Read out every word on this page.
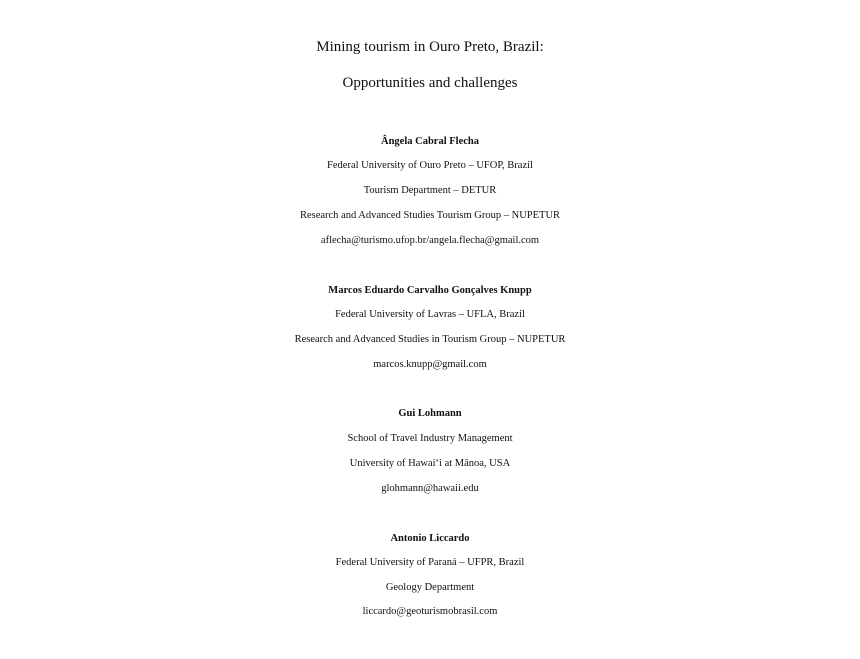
Mining tourism in Ouro Preto, Brazil:
Opportunities and challenges
Ângela Cabral Flecha
Federal University of Ouro Preto – UFOP, Brazil
Tourism Department – DETUR
Research and Advanced Studies Tourism Group – NUPETUR
aflecha@turismo.ufop.br/angela.flecha@gmail.com
Marcos Eduardo Carvalho Gonçalves Knupp
Federal University of Lavras – UFLA, Brazil
Research and Advanced Studies in Tourism Group – NUPETUR
marcos.knupp@gmail.com
Gui Lohmann
School of Travel Industry Management
University of Hawai‘i at Mānoa, USA
glohmann@hawaii.edu
Antonio Liccardo
Federal University of Paraná – UFPR, Brazil
Geology Department
liccardo@geoturismobrasil.com
